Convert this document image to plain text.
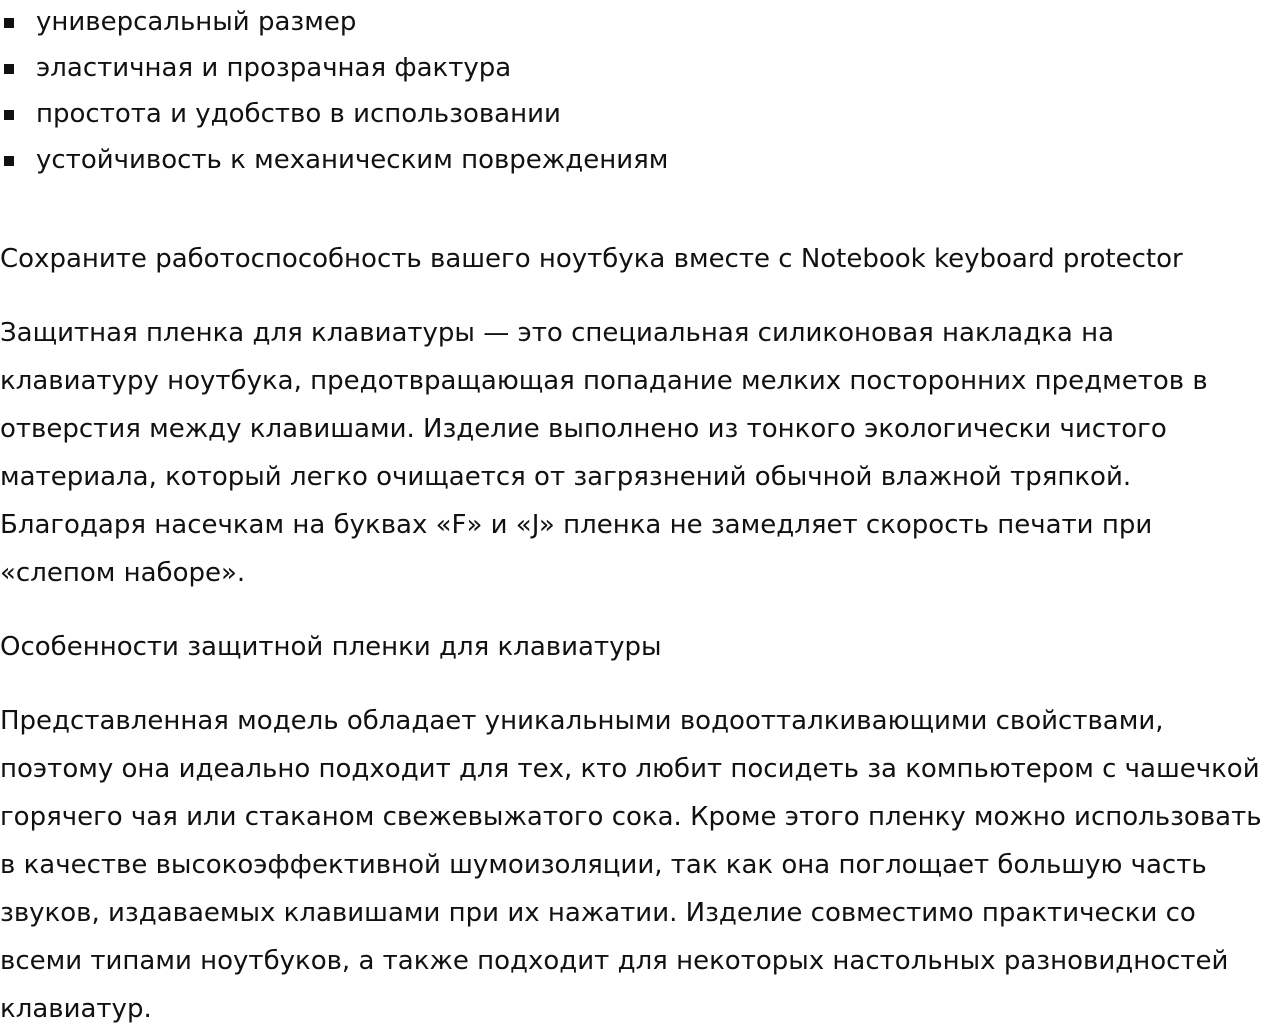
универсальный размер
эластичная и прозрачная фактура
простота и удобство в использовании
устойчивость к механическим повреждениям

Сохраните работоспособность вашего ноутбука вместе с Notebook keyboard protector

Защитная пленка для клавиатуры — это специальная силиконовая накладка на клавиатуру ноутбука, предотвращающая попадание мелких посторонних предметов в отверстия между клавишами. Изделие выполнено из тонкого экологически чистого материала, который легко очищается от загрязнений обычной влажной тряпкой. Благодаря насечкам на буквах «F» и «J» пленка не замедляет скорость печати при «слепом наборе».

Особенности защитной пленки для клавиатуры

Представленная модель обладает уникальными водоотталкивающими свойствами, поэтому она идеально подходит для тех, кто любит посидеть за компьютером с чашечкой горячего чая или стаканом свежевыжатого сока. Кроме этого пленку можно использовать в качестве высокоэффективной шумоизоляции, так как она поглощает большую часть звуков, издаваемых клавишами при их нажатии. Изделие совместимо практически со всеми типами ноутбуков, а также подходит для некоторых настольных разновидностей клавиатур.
